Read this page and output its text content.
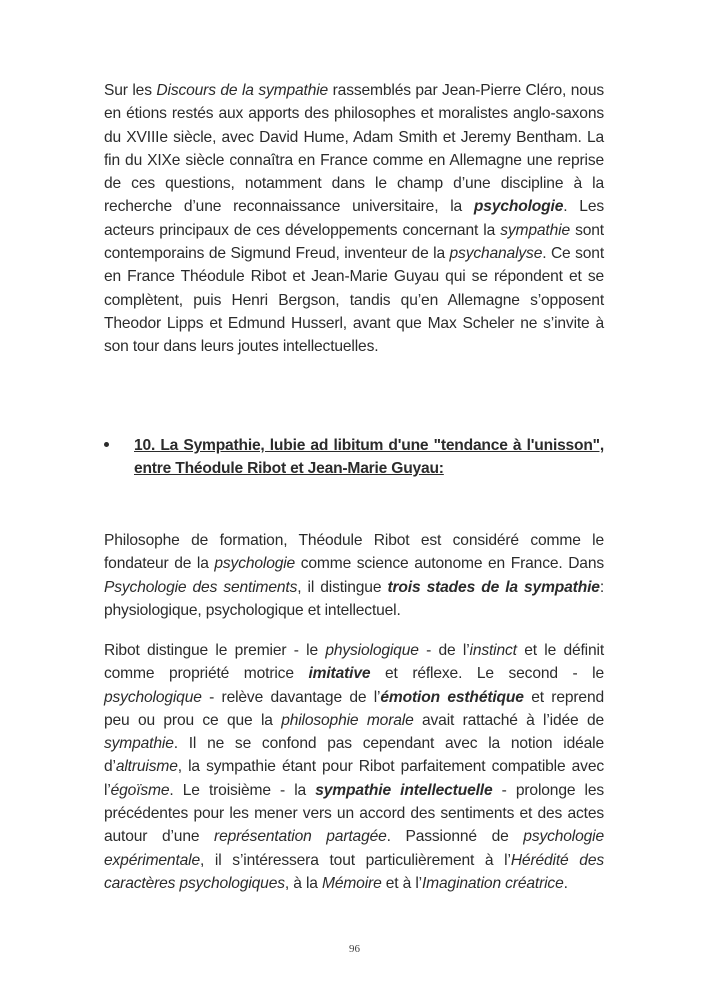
Sur les Discours de la sympathie rassemblés par Jean-Pierre Cléro, nous en étions restés aux apports des philosophes et moralistes anglo-saxons du XVIIIe siècle, avec David Hume, Adam Smith et Jeremy Bentham. La fin du XIXe siècle connaîtra en France comme en Allemagne une reprise de ces questions, notamment dans le champ d’une discipline à la recherche d’une reconnaissance universitaire, la psychologie. Les acteurs principaux de ces développements concernant la sympathie sont contemporains de Sigmund Freud, inventeur de la psychanalyse. Ce sont en France Théodule Ribot et Jean-Marie Guyau qui se répondent et se complètent, puis Henri Bergson, tandis qu’en Allemagne s’opposent Theodor Lipps et Edmund Husserl, avant que Max Scheler ne s’invite à son tour dans leurs joutes intellectuelles.

10. La Sympathie, lubie ad libitum d'une "tendance à l'unisson", entre Théodule Ribot et Jean-Marie Guyau:

Philosophe de formation, Théodule Ribot est considéré comme le fondateur de la psychologie comme science autonome en France. Dans Psychologie des sentiments, il distingue trois stades de la sympathie: physiologique, psychologique et intellectuel.

Ribot distingue le premier - le physiologique - de l’instinct et le définit comme propriété motrice imitative et réflexe. Le second - le psychologique - relève davantage de l’émotion esthétique et reprend peu ou prou ce que la philosophie morale avait rattaché à l’idée de sympathie. Il ne se confond pas cependant avec la notion idéale d’altruisme, la sympathie étant pour Ribot parfaitement compatible avec l’égoïsme. Le troisième - la sympathie intellectuelle - prolonge les précédentes pour les mener vers un accord des sentiments et des actes autour d’une représentation partagée. Passionné de psychologie expérimentale, il s’intéressera tout particulièrement à l’Hérédité des caractères psychologiques, à la Mémoire et à l’Imagination créatrice.

96
